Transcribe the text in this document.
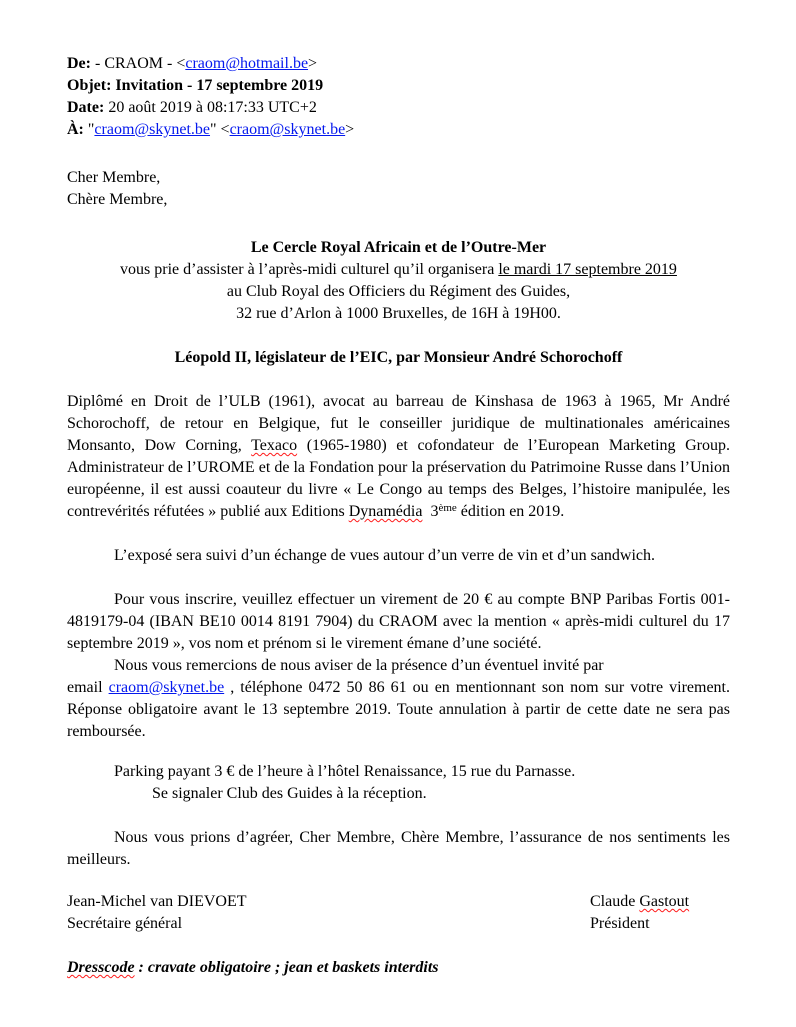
De: - CRAOM - <craom@hotmail.be>
Objet: Invitation - 17 septembre 2019
Date: 20 août 2019 à 08:17:33 UTC+2
À: "craom@skynet.be" <craom@skynet.be>
Cher Membre,
Chère Membre,
Le Cercle Royal Africain et de l’Outre-Mer
vous prie d’assister à l’après-midi culturel qu’il organisera le mardi 17 septembre 2019
au Club Royal des Officiers du Régiment des Guides,
32 rue d’Arlon à 1000 Bruxelles, de 16H à 19H00.
Léopold II, législateur de l’EIC, par Monsieur André Schorochoff

Diplômé en Droit de l’ULB (1961), avocat au barreau de Kinshasa de 1963 à 1965, Mr André Schorochoff, de retour en Belgique, fut le conseiller juridique de multinationales américaines Monsanto, Dow Corning, Texaco (1965-1980) et cofondateur de l’European Marketing Group. Administrateur de l’UROME et de la Fondation pour la préservation du Patrimoine Russe dans l’Union européenne, il est aussi coauteur du livre « Le Congo au temps des Belges, l’histoire manipulée, les contrevérités réfutées » publié aux Editions Dynamédia  3ème édition en 2019.

L’exposé sera suivi d’un échange de vues autour d’un verre de vin et d’un sandwich.

Pour vous inscrire, veuillez effectuer un virement de 20 € au compte BNP Paribas Fortis 001-4819179-04 (IBAN BE10 0014 8191 7904) du CRAOM avec la mention « après-midi culturel du 17 septembre 2019 », vos nom et prénom si le virement émane d’une société.

Nous vous remercions de nous aviser de la présence d’un éventuel invité par

email craom@skynet.be , téléphone 0472 50 86 61 ou en mentionnant son nom sur votre virement. Réponse obligatoire avant le 13 septembre 2019. Toute annulation à partir de cette date ne sera pas remboursée.

Parking payant 3 € de l’heure à l’hôtel Renaissance, 15 rue du Parnasse.
Se signaler Club des Guides à la réception.

Nous vous prions d’agréer, Cher Membre, Chère Membre, l’assurance de nos sentiments les meilleurs.

Jean-Michel van DIEVOET
Secrétaire général
Claude Gastout
Président
Dresscode : cravate obligatoire ; jean et baskets interdits
